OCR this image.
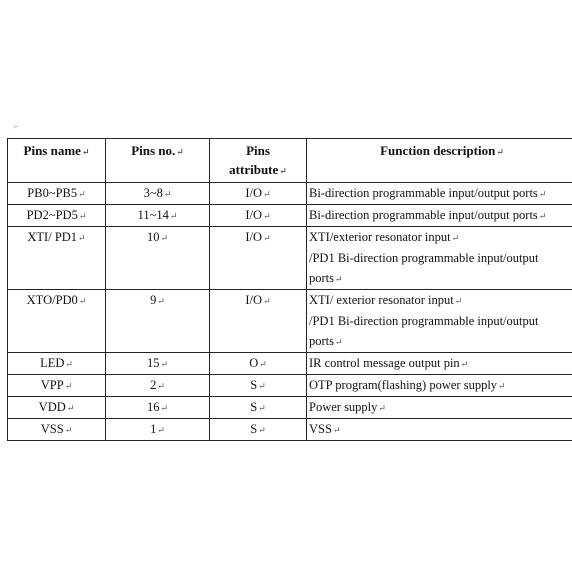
⌐
Pins name↵	Pins no.↵	Pins
attribute↵	Function description↵
PB0~PB5↵	3~8↵	I/O↵	Bi-direction programmable input/output ports↵

PD2~PD5↵	11~14↵	I/O↵	Bi-direction programmable input/output ports↵

XTI/ PD1↵	10↵	I/O↵	XTI/exterior resonator input↵
/PD1 Bi-direction programmable input/output
ports↵

XTO/PD0↵	9↵	I/O↵	XTI/ exterior resonator input↵
/PD1 Bi-direction programmable input/output
ports↵

LED↵	15↵	O↵	IR control message output pin↵

VPP↵	2↵	S↵	OTP program(flashing) power supply↵

VDD↵	16↵	S↵	Power supply↵

VSS↵	1↵	S↵	VSS↵
